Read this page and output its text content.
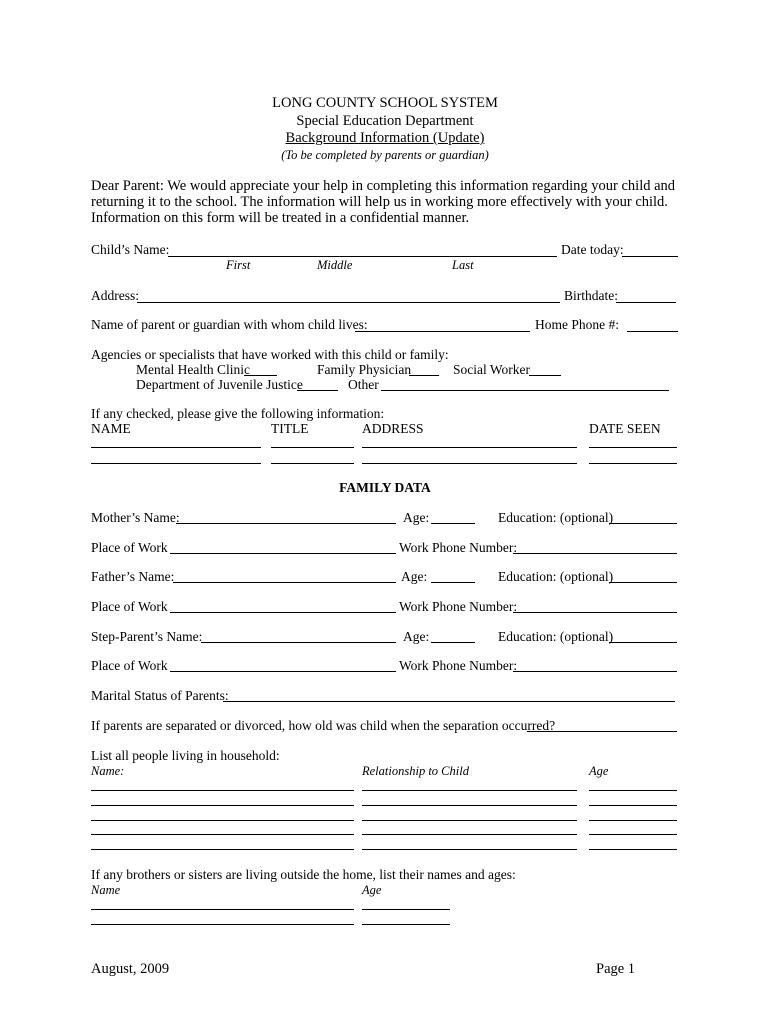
LONG COUNTY SCHOOL SYSTEM
Special Education Department
Background Information (Update)
(To be completed by parents or guardian)
Dear Parent: We would appreciate your help in completing this information regarding your child and
returning it to the school. The information will help us in working more effectively with your child.
Information on this form will be treated in a confidential manner.
Child’s Name:	Date today:
First	Middle	Last
Address:	Birthdate:
Name of parent or guardian with whom child lives:	Home Phone #:
Agencies or specialists that have worked with this child or family:
Mental Health Clinic	Family Physician	Social Worker
Department of Juvenile Justice	Other
If any checked, please give the following information:
NAME	TITLE	ADDRESS	DATE SEEN
FAMILY DATA
Mother’s Name:	Age:	Education: (optional)
Place of Work	Work Phone Number:
Father’s Name:	Age:	Education: (optional)
Place of Work	Work Phone Number:
Step-Parent’s Name:	Age:	Education: (optional)
Place of Work	Work Phone Number:
Marital Status of Parents:
If parents are separated or divorced, how old was child when the separation occurred?
List all people living in household:
Name:	Relationship to Child	Age
If any brothers or sisters are living outside the home, list their names and ages:
Name	Age
August, 2009	Page 1
